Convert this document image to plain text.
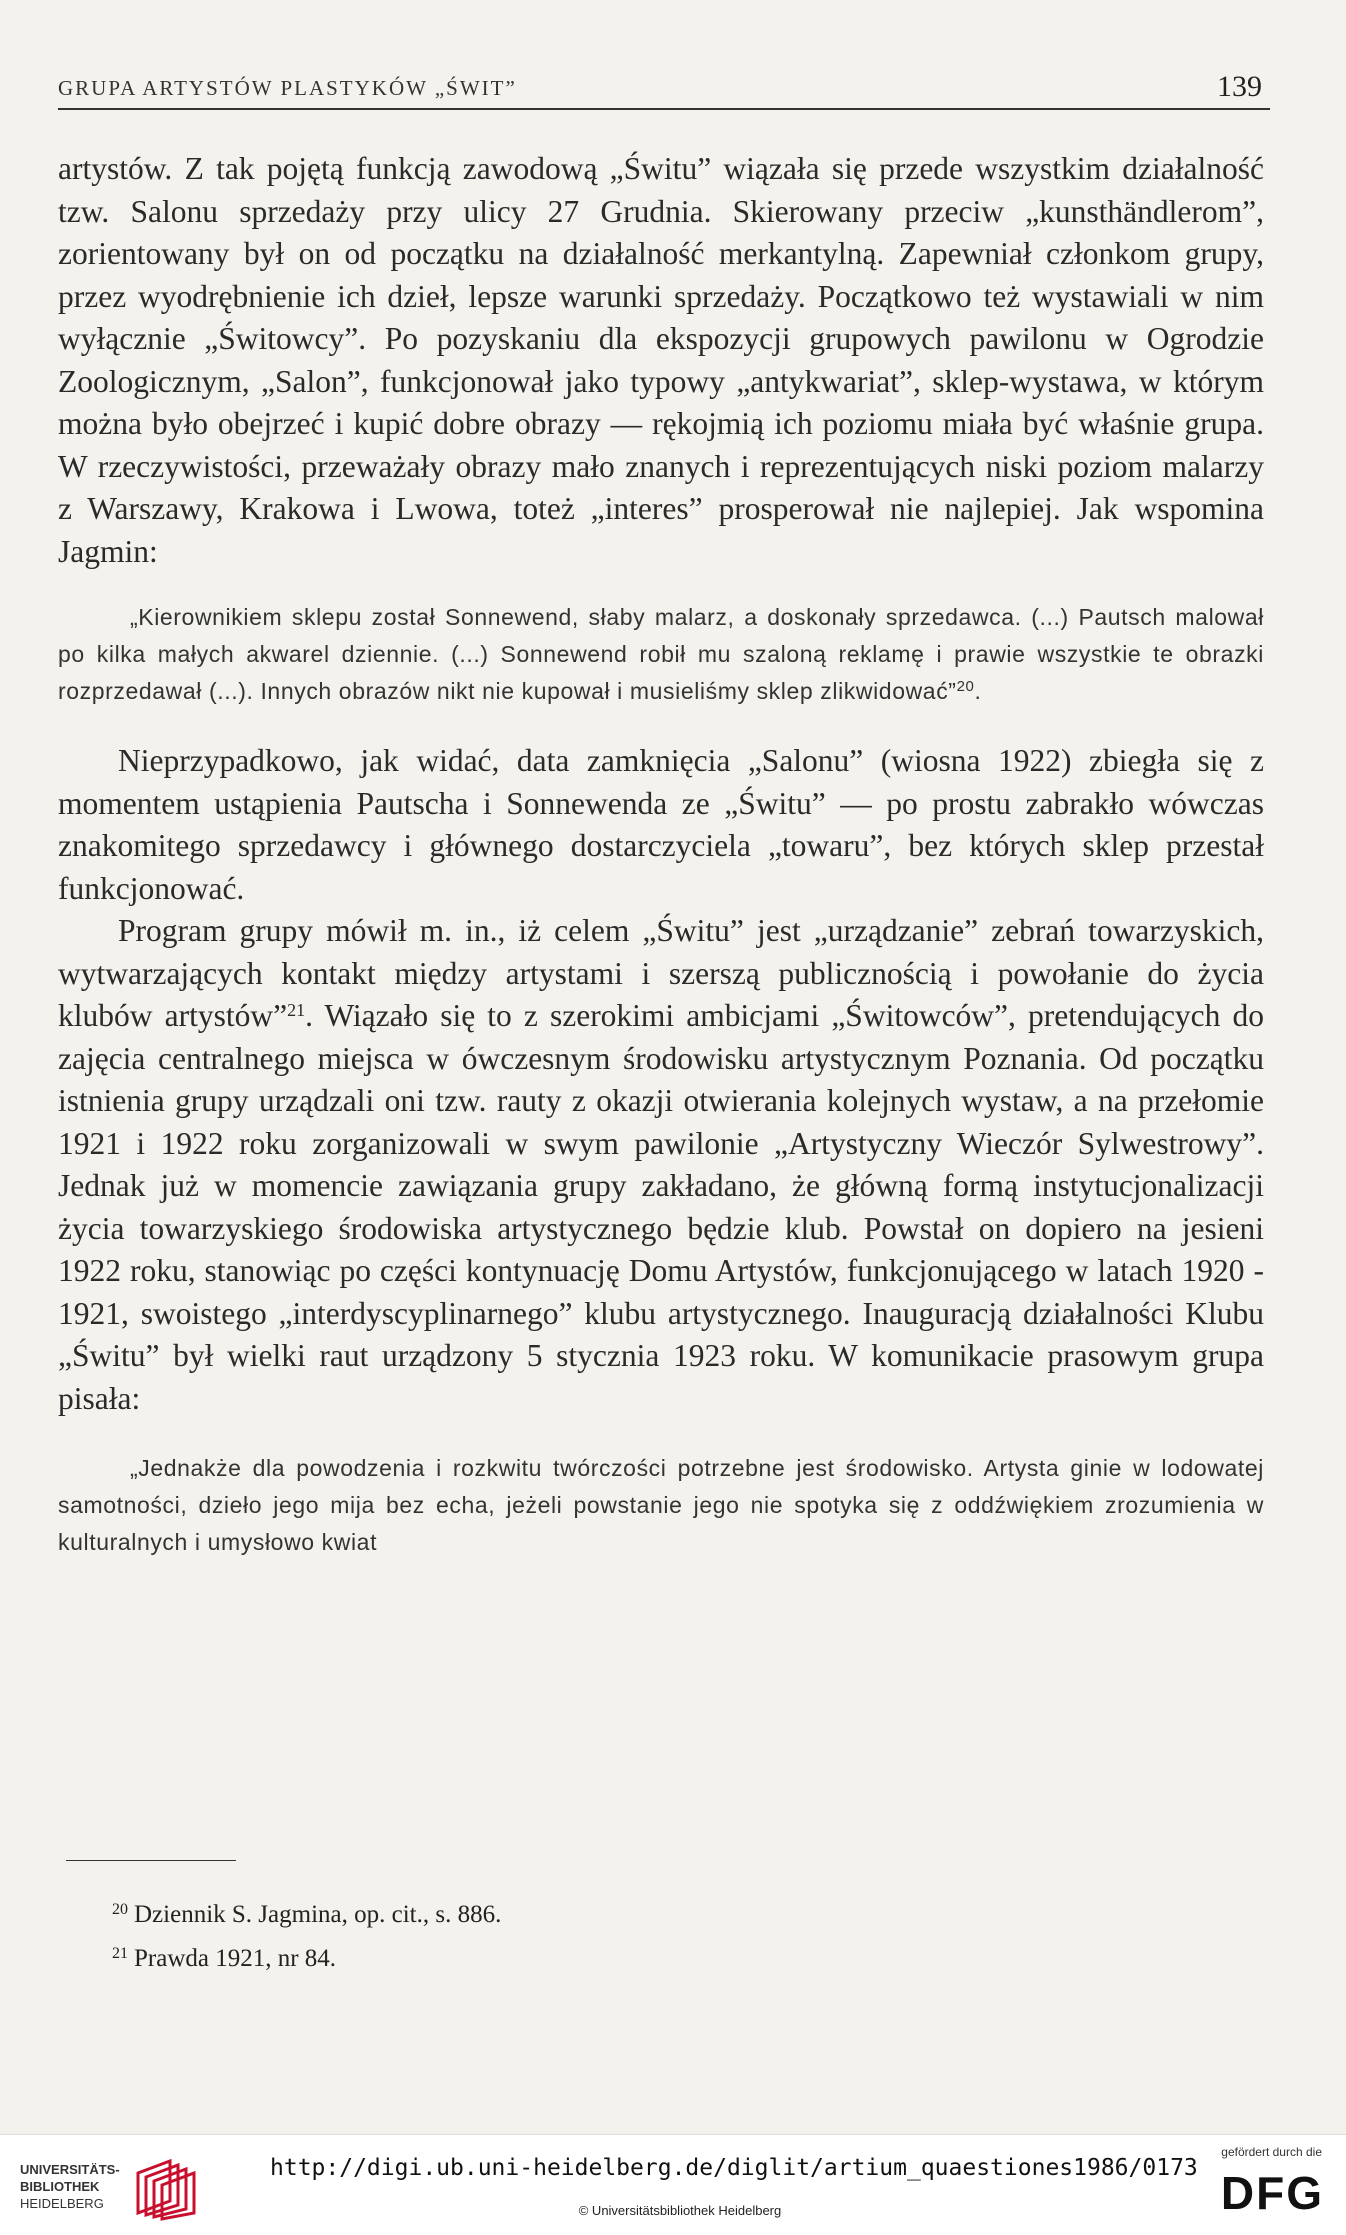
GRUPA ARTYSTÓW PLASTYKÓW „ŚWIT”	139

artystów. Z tak pojętą funkcją zawodową „Świtu” wiązała się przede wszystkim działalność tzw. Salonu sprzedaży przy ulicy 27 Grudnia. Skierowany przeciw „kunsthändlerom”, zorientowany był on od początku na działalność merkantylną. Zapewniał członkom grupy, przez wyodrębnienie ich dzieł, lepsze warunki sprzedaży. Początkowo też wystawiali w nim wyłącznie „Świtowcy”. Po pozyskaniu dla ekspozycji grupowych pawilonu w Ogrodzie Zoologicznym, „Salon”, funkcjonował jako typowy „antykwariat”, sklep-wystawa, w którym można było obejrzeć i kupić dobre obrazy — rękojmią ich poziomu miała być właśnie grupa. W rzeczywistości, przeważały obrazy mało znanych i reprezentujących niski poziom malarzy z Warszawy, Krakowa i Lwowa, toteż „interes” prosperował nie najlepiej. Jak wspomina Jagmin:

„Kierownikiem sklepu został Sonnewend, słaby malarz, a doskonały sprzedawca. (...) Pautsch malował po kilka małych akwarel dziennie. (...) Sonnewend robił mu szaloną reklamę i prawie wszystkie te obrazki rozprzedawał (...). Innych obrazów nikt nie kupował i musieliśmy sklep zlikwidować”$^{20}$.

Nieprzypadkowo, jak widać, data zamknięcia „Salonu” (wiosna 1922) zbiegła się z momentem ustąpienia Pautscha i Sonnewenda ze „Świtu” — po prostu zabrakło wówczas znakomitego sprzedawcy i głównego dostarczyciela „towaru”, bez których sklep przestał funkcjonować.

Program grupy mówił m. in., iż celem „Świtu” jest „urządzanie” zebrań towarzyskich, wytwarzających kontakt między artystami i szerszą publicznością i powołanie do życia klubów artystów”$^{21}$. Wiązało się to z szerokimi ambicjami „Świtowców”, pretendujących do zajęcia centralnego miejsca w ówczesnym środowisku artystycznym Poznania. Od początku istnienia grupy urządzali oni tzw. rauty z okazji otwierania kolejnych wystaw, a na przełomie 1921 i 1922 roku zorganizowali w swym pawilonie „Artystyczny Wieczór Sylwestrowy”. Jednak już w momencie zawiązania grupy zakładano, że główną formą instytucjonalizacji życia towarzyskiego środowiska artystycznego będzie klub. Powstał on dopiero na jesieni 1922 roku, stanowiąc po części kontynuację Domu Artystów, funkcjonującego w latach 1920 - 1921, swoistego „interdyscyplinarnego” klubu artystycznego. Inauguracją działalności Klubu „Świtu” był wielki raut urządzony 5 stycznia 1923 roku. W komunikacie prasowym grupa pisała:

„Jednakże dla powodzenia i rozkwitu twórczości potrzebne jest środowisko. Artysta ginie w lodowatej samotności, dzieło jego mija bez echa, jeżeli powstanie jego nie spotyka się z oddźwiękiem zrozumienia w kulturalnych i umysłowo kwiat

$^{20}$ Dziennik S. Jagmina, op. cit., s. 886.
$^{21}$ Prawda 1921, nr 84.
UNIVERSITÄTS-
BIBLIOTHEK
HEIDELBERG
http://digi.ub.uni-heidelberg.de/diglit/artium_quaestiones1986/0173
© Universitätsbibliothek Heidelberg
gefördert durch die
DFG
